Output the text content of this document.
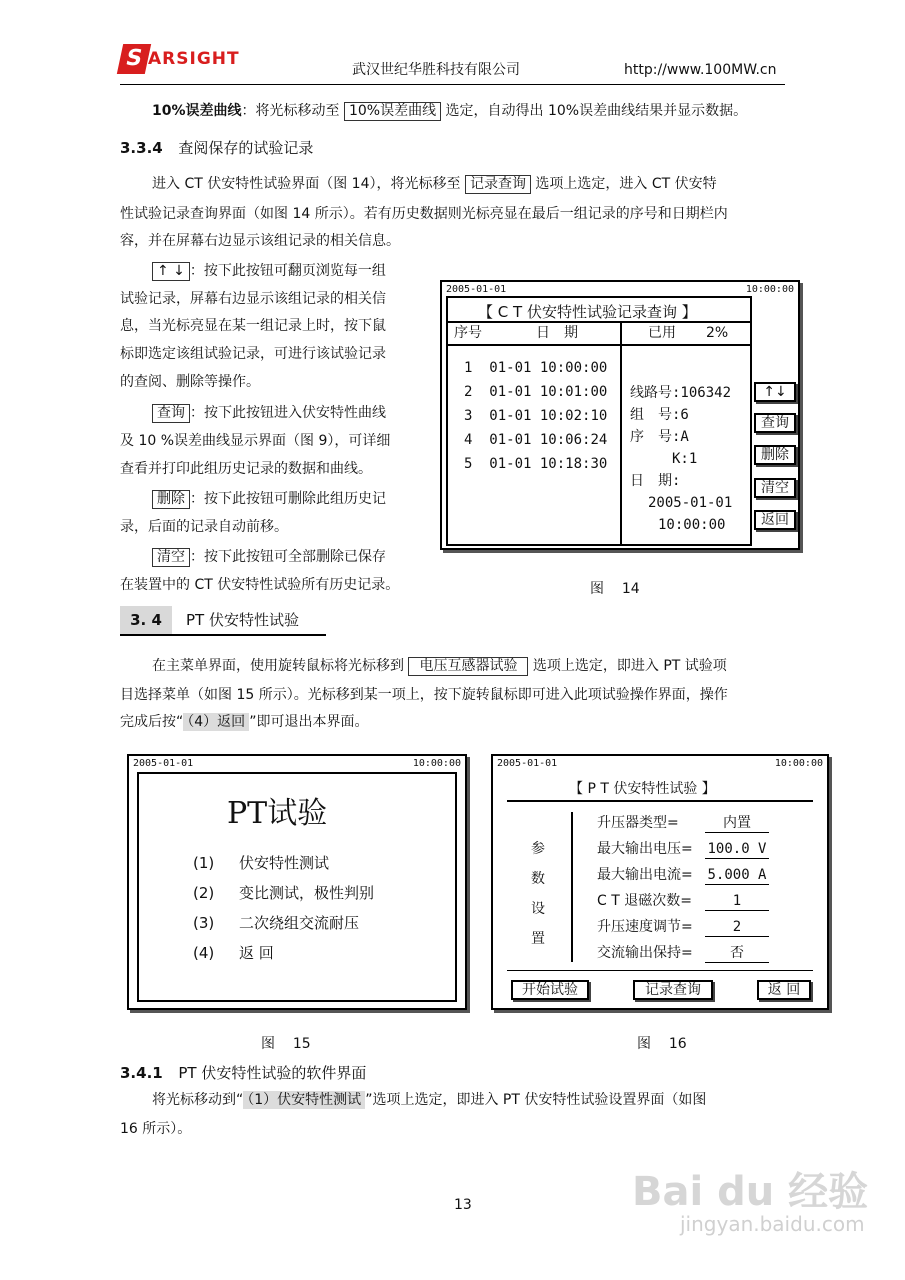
S ARSIGHT
武汉世纪华胜科技有限公司	http://www.100MW.cn
10%误差曲线：将光标移动至 10%误差曲线 选定，自动得出 10%误差曲线结果并显示数据。
3.3.4 查阅保存的试验记录
进入 CT 伏安特性试验界面（图 14），将光标移至 记录查询 选项上选定，进入 CT 伏安特
性试验记录查询界面（如图 14 所示）。若有历史数据则光标亮显在最后一组记录的序号和日期栏内
容，并在屏幕右边显示该组记录的相关信息。
↑ ↓ ：按下此按钮可翻页浏览每一组
试验记录，屏幕右边显示该组记录的相关信
息，当光标亮显在某一组记录上时，按下鼠
标即选定该组试验记录，可进行该试验记录
的查阅、删除等操作。
查询 ：按下此按钮进入伏安特性曲线
及 10 %误差曲线显示界面（图 9），可详细
查看并打印此组历史记录的数据和曲线。
删除 ：按下此按钮可删除此组历史记
录，后面的记录自动前移。
清空 ：按下此按钮可全部删除已保存
在装置中的 CT 伏安特性试验所有历史记录。
2005-01-01	10:00:00
【 C T 伏安特性试验记录查询 】
序号	日　期	已用 2%
1 01-01 10:00:00
2 01-01 10:01:00
3 01-01 10:02:10
4 01-01 10:06:24
5 01-01 10:18:30
线路号:106342
组　号:6
序　号:A
K:1
日　期:
2005-01-01
10:00:00
↑↓
查询
删除
清空
返回
图 14
3. 4	PT 伏安特性试验
在主菜单界面，使用旋转鼠标将光标移到 电压互感器试验 选项上选定，即进入 PT 试验项
目选择菜单（如图 15 所示）。光标移到某一项上，按下旋转鼠标即可进入此项试验操作界面，操作
完成后按“ （4）返回 ”即可退出本界面。
2005-01-01	10:00:00
PT试验
(1) 伏安特性测试
(2) 变比测试，极性判别
(3) 二次绕组交流耐压
(4) 返 回
图 15
2005-01-01	10:00:00
【 P T 伏安特性试验 】
参
数
设
置
升压器类型=	内置
最大输出电压= 100.0 V
最大输出电流= 5.000 A
C T 退磁次数=	1
升压速度调节=	2
交流输出保持=	否
开始试验	记录查询	返 回
图 16
3.4.1 PT 伏安特性试验的软件界面
将光标移动到“ （1）伏安特性测试 ”选项上选定，即进入 PT 伏安特性试验设置界面（如图
16 所示）。
13	Bai du 经验
jingyan.baidu.com
